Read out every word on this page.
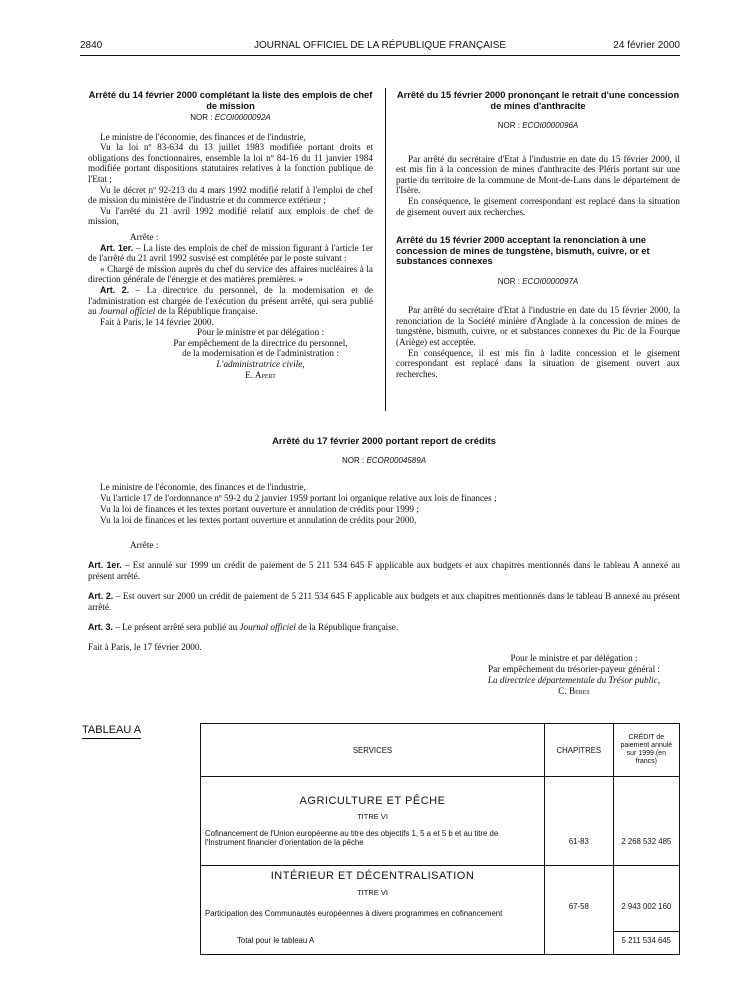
2840	JOURNAL OFFICIEL DE LA RÉPUBLIQUE FRANÇAISE	24 février 2000
Arrêté du 14 février 2000 complétant la liste des emplois de chef de mission
NOR : ECOI0000092A

Le ministre de l'économie, des finances et de l'industrie,

Vu la loi nº 83-634 du 13 juillet 1983 modifiée portant droits et obligations des fonctionnaires, ensemble la loi nº 84-16 du 11 janvier 1984 modifiée portant dispositions statutaires relatives à la fonction publique de l'Etat ;

Vu le décret nº 92-213 du 4 mars 1992 modifié relatif à l'emploi de chef de mission du ministère de l'industrie et du commerce extérieur ;

Vu l'arrêté du 21 avril 1992 modifié relatif aux emplois de chef de mission,

Arrête :

Art. 1er. – La liste des emplois de chef de mission figurant à l'article 1er de l'arrêté du 21 avril 1992 susvisé est complétée par le poste suivant :

« Chargé de mission auprès du chef du service des affaires nucléaires à la direction générale de l'énergie et des matières premières. »

Art. 2. – La directrice du personnel, de la modernisation et de l'administration est chargée de l'exécution du présent arrêté, qui sera publié au Journal officiel de la République française.

Fait à Paris, le 14 février 2000.

Pour le ministre et par délégation :
Par empêchement de la directrice du personnel,
de la modernisation et de l'administration :
L'administratrice civile,
E. Apert
Arrêté du 15 février 2000 prononçant le retrait d'une concession de mines d'anthracite
NOR : ECOI0000096A

Par arrêté du secrétaire d'Etat à l'industrie en date du 15 février 2000, il est mis fin à la concession de mines d'anthracite des Pléris portant sur une partie du territoire de la commune de Mont-de-Lans dans le département de l'Isère.

En conséquence, le gisement correspondant est replacé dans la situation de gisement ouvert aux recherches.

Arrêté du 15 février 2000 acceptant la renonciation à une concession de mines de tungstène, bismuth, cuivre, or et substances connexes
NOR : ECOI0000097A

Par arrêté du secrétaire d'Etat à l'industrie en date du 15 février 2000, la renonciation de la Société minière d'Anglade à la concession de mines de tungstène, bismuth, cuivre, or et substances connexes du Pic de la Fourque (Ariège) est acceptée.

En conséquence, il est mis fin à ladite concession et le gisement correspondant est replacé dans la situation de gisement ouvert aux recherches.

Arrêté du 17 février 2000 portant report de crédits
NOR : ECOR0004589A

Le ministre de l'économie, des finances et de l'industrie,

Vu l'article 17 de l'ordonnance nº 59-2 du 2 janvier 1959 portant loi organique relative aux lois de finances ;

Vu la loi de finances et les textes portant ouverture et annulation de crédits pour 1999 ;

Vu la loi de finances et les textes portant ouverture et annulation de crédits pour 2000,

Arrête :

Art. 1er. – Est annulé sur 1999 un crédit de paiement de 5 211 534 645 F applicable aux budgets et aux chapitres mentionnés dans le tableau A annexé au présent arrêté.

Art. 2. – Est ouvert sur 2000 un crédit de paiement de 5 211 534 645 F applicable aux budgets et aux chapitres mentionnés dans le tableau B annexé au présent arrêté.

Art. 3. – Le présent arrêté sera publié au Journal officiel de la République française.

Fait à Paris, le 17 février 2000.

Pour le ministre et par délégation :
Par empêchement du trésorier-payeur général :
La directrice départementale du Trésor public,
C. Beres
TABLEAU A
SERVICES	CHAPITRES	CRÉDIT de paiement annulé sur 1999 (en francs)

AGRICULTURE ET PÊCHE
TITRE VI
Cofinancement de l'Union européenne au titre des objectifs 1, 5 a et 5 b et au titre de l'Instrument financier d'orientation de la pêche	61-83	2 268 532 485

INTÉRIEUR ET DÉCENTRALISATION
TITRE VI
Participation des Communautés européennes à divers programmes en cofinancement	67-58	2 943 002 160
Total pour le tableau A		5 211 534 645
